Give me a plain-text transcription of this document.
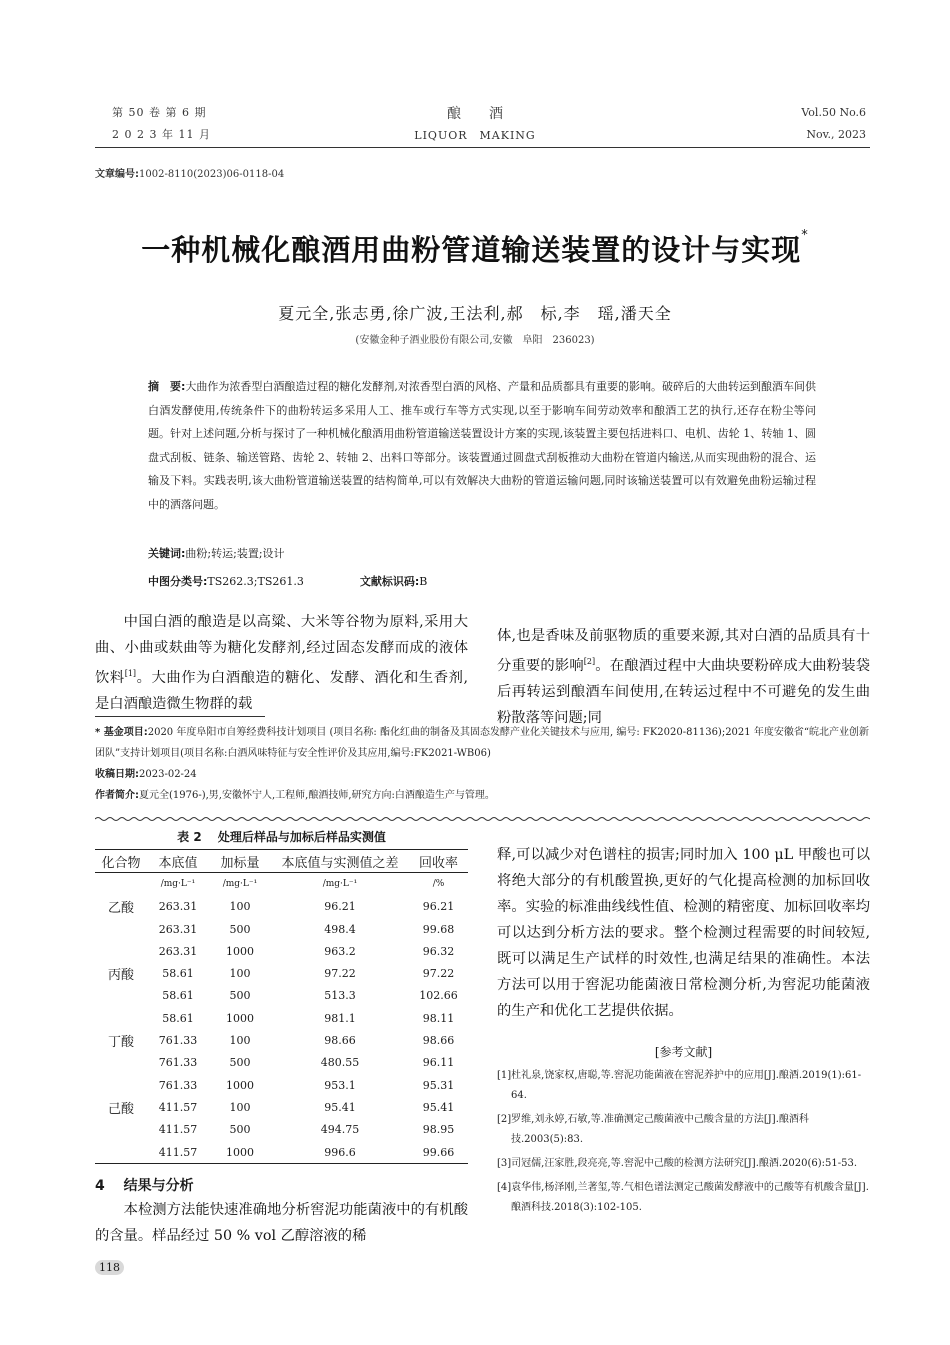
第 50 卷 第 6 期
2 0 2 3 年 11 月
酿　　酒
LIQUOR　MAKING
Vol.50 No.6
Nov., 2023
文章编号:1002-8110(2023)06-0118-04
一种机械化酿酒用曲粉管道输送装置的设计与实现*
夏元全,张志勇,徐广波,王法利,郝　标,李　瑶,潘天全
(安徽金种子酒业股份有限公司,安徽　阜阳　236023)
摘　要:大曲作为浓香型白酒酿造过程的糖化发酵剂,对浓香型白酒的风格、产量和品质都具有重要的影响。破碎后的大曲转运到酿酒车间供白酒发酵使用,传统条件下的曲粉转运多采用人工、推车或行车等方式实现,以至于影响车间劳动效率和酿酒工艺的执行,还存在粉尘等问题。针对上述问题,分析与探讨了一种机械化酿酒用曲粉管道输送装置设计方案的实现,该装置主要包括进料口、电机、齿轮 1、转轴 1、圆盘式刮板、链条、输送管路、齿轮 2、转轴 2、出料口等部分。该装置通过圆盘式刮板推动大曲粉在管道内输送,从而实现曲粉的混合、运输及下料。实践表明,该大曲粉管道输送装置的结构简单,可以有效解决大曲粉的管道运输问题,同时该输送装置可以有效避免曲粉运输过程中的洒落问题。
关键词:曲粉;转运;装置;设计
中图分类号:TS262.3;TS261.3	文献标识码:B

中国白酒的酿造是以高粱、大米等谷物为原料,采用大曲、小曲或麸曲等为糖化发酵剂,经过固态发酵而成的液体饮料[1]。大曲作为白酒酿造的糖化、发酵、酒化和生香剂,是白酒酿造微生物群的载

体,也是香味及前驱物质的重要来源,其对白酒的品质具有十分重要的影响[2]。在酿酒过程中大曲块要粉碎成大曲粉装袋后再转运到酿酒车间使用,在转运过程中不可避免的发生曲粉散落等问题;同

* 基金项目:2020 年度阜阳市自筹经费科技计划项目 (项目名称: 酯化红曲的制备及其固态发酵产业化关键技术与应用, 编号: FK2020-81136);2021 年度安徽省“皖北产业创新团队”支持计划项目(项目名称:白酒风味特征与安全性评价及其应用,编号:FK2021-WB06)
收稿日期:2023-02-24
作者简介:夏元全(1976-),男,安徽怀宁人,工程师,酿酒技师,研究方向:白酒酿造生产与管理。
表 2　 处理后样品与加标后样品实测值
化合物	本底值	加标量	本底值与实测值之差	回收率
	/mg·L⁻¹	/mg·L⁻¹	/mg·L⁻¹	/%
乙酸	263.31	100	96.21	96.21
	263.31	500	498.4	99.68
	263.31	1000	963.2	96.32
丙酸	58.61	100	97.22	97.22
	58.61	500	513.3	102.66
	58.61	1000	981.1	98.11
丁酸	761.33	100	98.66	98.66
	761.33	500	480.55	96.11
	761.33	1000	953.1	95.31
己酸	411.57	100	95.41	95.41
	411.57	500	494.75	98.95
	411.57	1000	996.6	99.66
4　 结果与分析

本检测方法能快速准确地分析窖泥功能菌液中的有机酸的含量。样品经过 50 % vol 乙醇溶液的稀

释,可以减少对色谱柱的损害;同时加入 100 μL 甲酸也可以将绝大部分的有机酸置换,更好的气化提高检测的加标回收率。实验的标准曲线线性值、检测的精密度、加标回收率均可以达到分析方法的要求。整个检测过程需要的时间较短,既可以满足生产试样的时效性,也满足结果的准确性。本法方法可以用于窖泥功能菌液日常检测分析,为窖泥功能菌液的生产和优化工艺提供依据。

[参考文献]

[1]杜礼泉,饶家权,唐聪,等.窖泥功能菌液在窖泥养护中的应用[J].酿酒.2019(1):61-64.

[2]罗维,刘永婷,石敏,等.准确测定己酸菌液中己酸含量的方法[J].酿酒科技.2003(5):83.

[3]司冠儒,汪家胜,段亮亮,等.窖泥中己酸的检测方法研究[J].酿酒.2020(6):51-53.

[4]袁华伟,杨泽刚,兰著玺,等.气相色谱法测定己酸菌发酵液中的己酸等有机酸含量[J].酿酒科技.2018(3):102-105.

118
